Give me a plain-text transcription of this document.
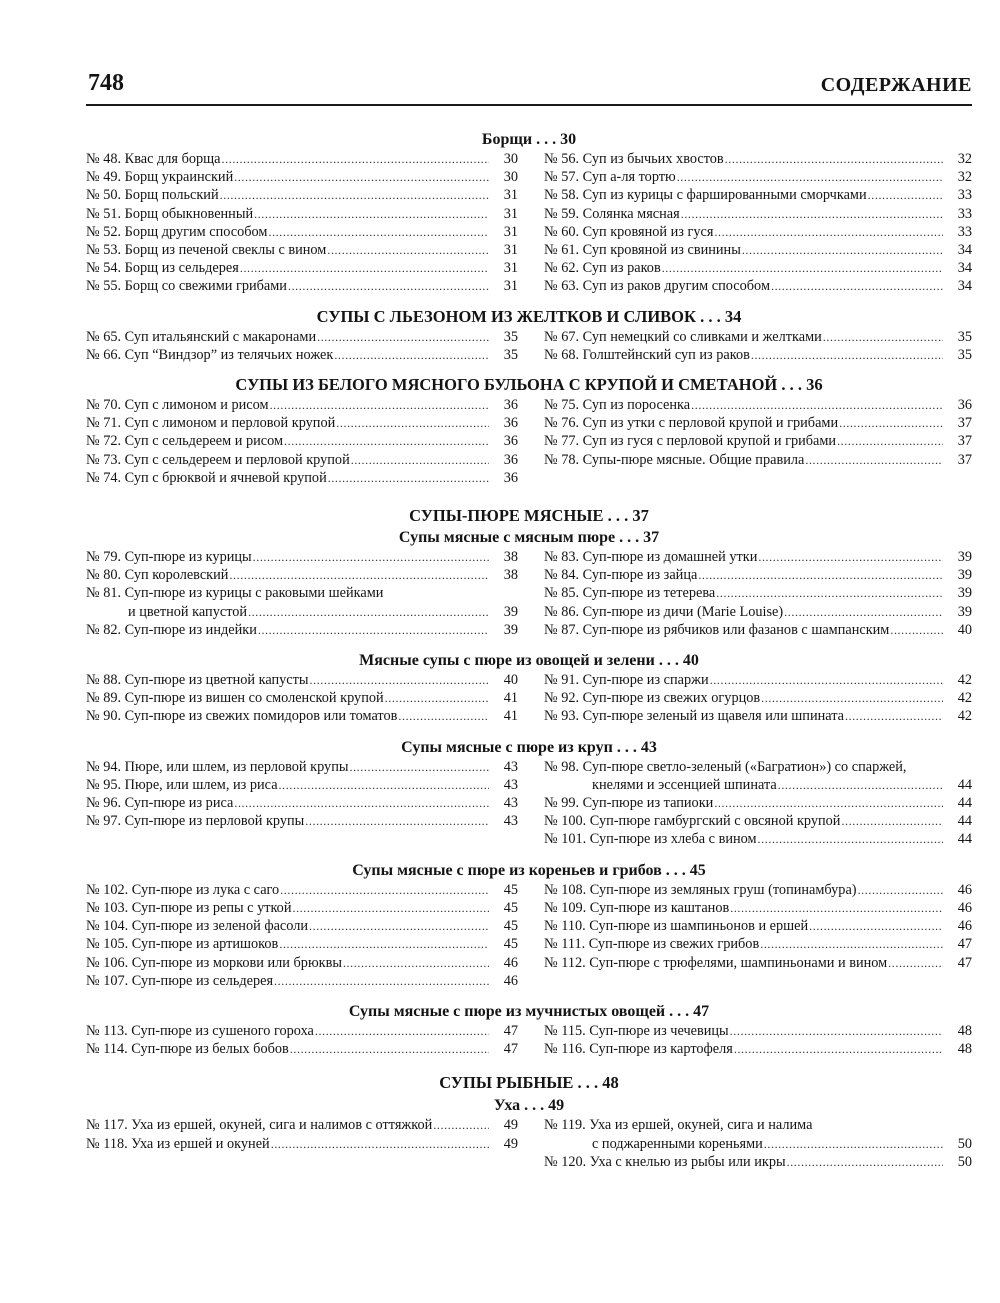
748	СОДЕРЖАНИЕ
Борщи . . . 30
№ 48. Квас для борща . . .	30
№ 49. Борщ украинский . . .	30
№ 50. Борщ польский . . .	31
№ 51. Борщ обыкновенный . . .	31
№ 52. Борщ другим способом . . .	31
№ 53. Борщ из печеной свеклы с вином . . .	31
№ 54. Борщ из сельдерея . . .	31
№ 55. Борщ со свежими грибами . . .	31
№ 56. Суп из бычьих хвостов . . .	32
№ 57. Суп а-ля тортю . . .	32
№ 58. Суп из курицы с фаршированными сморчками . . .	33
№ 59. Солянка мясная . . .	33
№ 60. Суп кровяной из гуся . . .	33
№ 61. Суп кровяной из свинины . . .	34
№ 62. Суп из раков . . .	34
№ 63. Суп из раков другим способом . . .	34
СУПЫ С ЛЬЕЗОНОМ ИЗ ЖЕЛТКОВ И СЛИВОК . . . 34
№ 65. Суп итальянский с макаронами . . .	35
№ 66. Суп “Виндзор” из телячьих ножек . . .	35
№ 67. Суп немецкий со сливками и желтками . . .	35
№ 68. Голштейнский суп из раков . . .	35
СУПЫ ИЗ БЕЛОГО МЯСНОГО БУЛЬОНА С КРУПОЙ И СМЕТАНОЙ . . . 36
№ 70. Суп с лимоном и рисом . . .	36
№ 71. Суп с лимоном и перловой крупой . . .	36
№ 72. Суп с сельдереем и рисом . . .	36
№ 73. Суп с сельдереем и перловой крупой . . .	36
№ 74. Суп с брюквой и ячневой крупой . . .	36
№ 75. Суп из поросенка . . .	36
№ 76. Суп из утки с перловой крупой и грибами . . .	37
№ 77. Суп из гуся с перловой крупой и грибами . . .	37
№ 78. Супы-пюре мясные. Общие правила . . .	37
СУПЫ-ПЮРЕ МЯСНЫЕ . . . 37
Супы мясные с мясным пюре . . . 37
№ 79. Суп-пюре из курицы . . .	38
№ 80. Суп королевский . . .	38
№ 81. Суп-пюре из курицы с раковыми шейками
и цветной капустой . . .	39
№ 82. Суп-пюре из индейки . . .	39
№ 83. Суп-пюре из домашней утки . . .	39
№ 84. Суп-пюре из зайца . . .	39
№ 85. Суп-пюре из тетерева . . .	39
№ 86. Суп-пюре из дичи (Marie Louise) . . .	39
№ 87. Суп-пюре из рябчиков или фазанов с шампанским . . .	40
Мясные супы с пюре из овощей и зелени . . . 40
№ 88. Суп-пюре из цветной капусты . . .	40
№ 89. Суп-пюре из вишен со смоленской крупой . . .	41
№ 90. Суп-пюре из свежих помидоров или томатов . . .	41
№ 91. Суп-пюре из спаржи . . .	42
№ 92. Суп-пюре из свежих огурцов . . .	42
№ 93. Суп-пюре зеленый из щавеля или шпината . . .	42
Супы мясные с пюре из круп . . . 43
№ 94. Пюре, или шлем, из перловой крупы . . .	43
№ 95. Пюре, или шлем, из риса . . .	43
№ 96. Суп-пюре из риса . . .	43
№ 97. Суп-пюре из перловой крупы . . .	43
№ 98. Суп-пюре светло-зеленый («Багратион») со спаржей,
кнелями и эссенцией шпината . . .	44
№ 99. Суп-пюре из тапиоки . . .	44
№ 100. Суп-пюре гамбургский с овсяной крупой . . .	44
№ 101. Суп-пюре из хлеба с вином . . .	44
Супы мясные с пюре из кореньев и грибов . . . 45
№ 102. Суп-пюре из лука с саго . . .	45
№ 103. Суп-пюре из репы с уткой . . .	45
№ 104. Суп-пюре из зеленой фасоли . . .	45
№ 105. Суп-пюре из артишоков . . .	45
№ 106. Суп-пюре из моркови или брюквы . . .	46
№ 107. Суп-пюре из сельдерея . . .	46
№ 108. Суп-пюре из земляных груш (топинамбура) . . .	46
№ 109. Суп-пюре из каштанов . . .	46
№ 110. Суп-пюре из шампиньонов и ершей . . .	46
№ 111. Суп-пюре из свежих грибов . . .	47
№ 112. Суп-пюре с трюфелями, шампиньонами и вином . . .	47
Супы мясные с пюре из мучнистых овощей . . . 47
№ 113. Суп-пюре из сушеного гороха . . .	47
№ 114. Суп-пюре из белых бобов . . .	47
№ 115. Суп-пюре из чечевицы . . .	48
№ 116. Суп-пюре из картофеля . . .	48
СУПЫ РЫБНЫЕ . . . 48
Уха . . . 49
№ 117. Уха из ершей, окуней, сига и налимов с оттяжкой . . .	49
№ 118. Уха из ершей и окуней . . .	49
№ 119. Уха из ершей, окуней, сига и налима
с поджаренными кореньями . . .	50
№ 120. Уха с кнелью из рыбы или икры . . .	50
